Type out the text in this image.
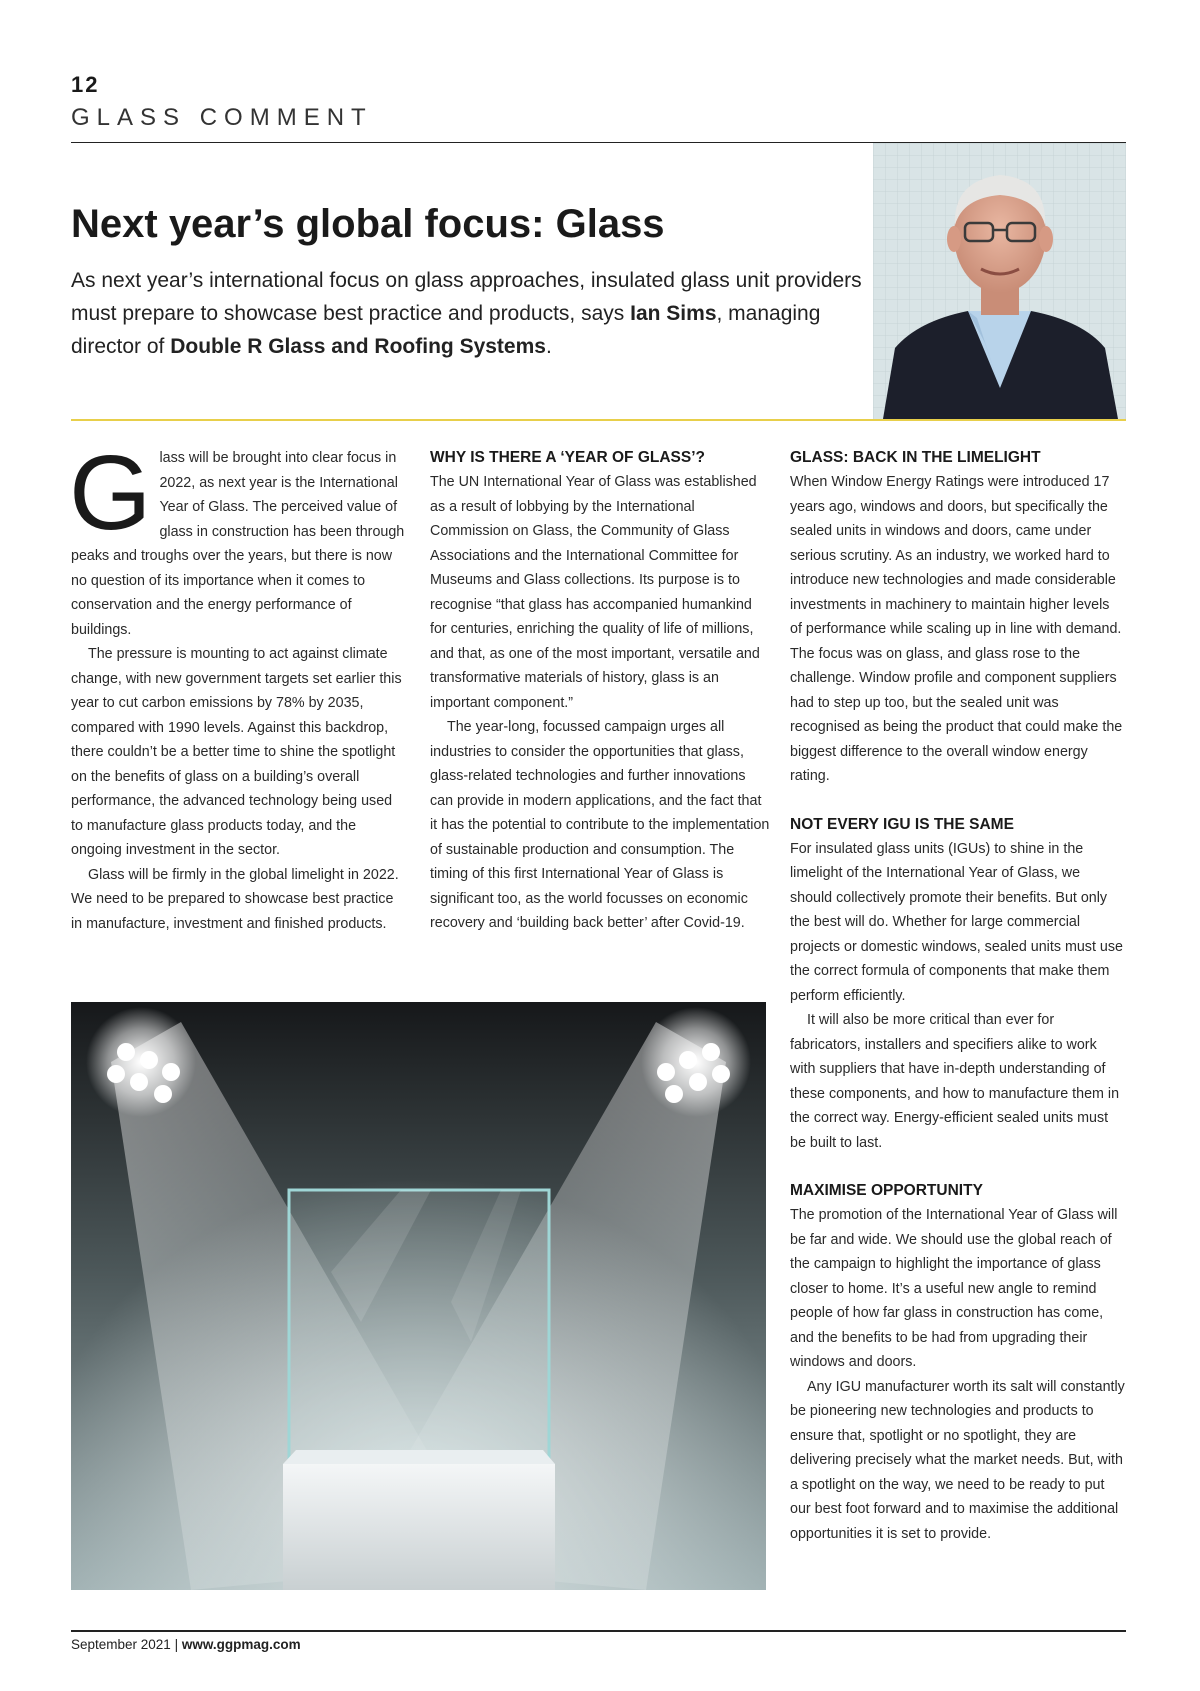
12
GLASS COMMENT
Next year’s global focus: Glass
As next year’s international focus on glass approaches, insulated glass unit providers must prepare to showcase best practice and products, says Ian Sims, managing director of Double R Glass and Roofing Systems.

Glass will be brought into clear focus in 2022, as next year is the International Year of Glass. The perceived value of glass in construction has been through peaks and troughs over the years, but there is now no question of its importance when it comes to conservation and the energy performance of buildings.

The pressure is mounting to act against climate change, with new government targets set earlier this year to cut carbon emissions by 78% by 2035, compared with 1990 levels. Against this backdrop, there couldn’t be a better time to shine the spotlight on the benefits of glass on a building’s overall performance, the advanced technology being used to manufacture glass products today, and the ongoing investment in the sector.

Glass will be firmly in the global limelight in 2022. We need to be prepared to showcase best practice in manufacture, investment and finished products.

WHY IS THERE A ‘YEAR OF GLASS’?

The UN International Year of Glass was established as a result of lobbying by the International Commission on Glass, the Community of Glass Associations and the International Committee for Museums and Glass collections. Its purpose is to recognise “that glass has accompanied humankind for centuries, enriching the quality of life of millions, and that, as one of the most important, versatile and transformative materials of history, glass is an important component.”

The year-long, focussed campaign urges all industries to consider the opportunities that glass, glass-related technologies and further innovations can provide in modern applications, and the fact that it has the potential to contribute to the implementation of sustainable production and consumption. The timing of this first International Year of Glass is significant too, as the world focusses on economic recovery and ‘building back better’ after Covid-19.

GLASS: BACK IN THE LIMELIGHT

When Window Energy Ratings were introduced 17 years ago, windows and doors, but specifically the sealed units in windows and doors, came under serious scrutiny. As an industry, we worked hard to introduce new technologies and made considerable investments in machinery to maintain higher levels of performance while scaling up in line with demand. The focus was on glass, and glass rose to the challenge. Window profile and component suppliers had to step up too, but the sealed unit was recognised as being the product that could make the biggest difference to the overall window energy rating.

NOT EVERY IGU IS THE SAME

For insulated glass units (IGUs) to shine in the limelight of the International Year of Glass, we should collectively promote their benefits. But only the best will do. Whether for large commercial projects or domestic windows, sealed units must use the correct formula of components that make them perform efficiently.

It will also be more critical than ever for fabricators, installers and specifiers alike to work with suppliers that have in-depth understanding of these components, and how to manufacture them in the correct way. Energy-efficient sealed units must be built to last.

MAXIMISE OPPORTUNITY

The promotion of the International Year of Glass will be far and wide. We should use the global reach of the campaign to highlight the importance of glass closer to home. It’s a useful new angle to remind people of how far glass in construction has come, and the benefits to be had from upgrading their windows and doors.

Any IGU manufacturer worth its salt will constantly be pioneering new technologies and products to ensure that, spotlight or no spotlight, they are delivering precisely what the market needs. But, with a spotlight on the way, we need to be ready to put our best foot forward and to maximise the additional opportunities it is set to provide.

September 2021 | www.ggpmag.com
